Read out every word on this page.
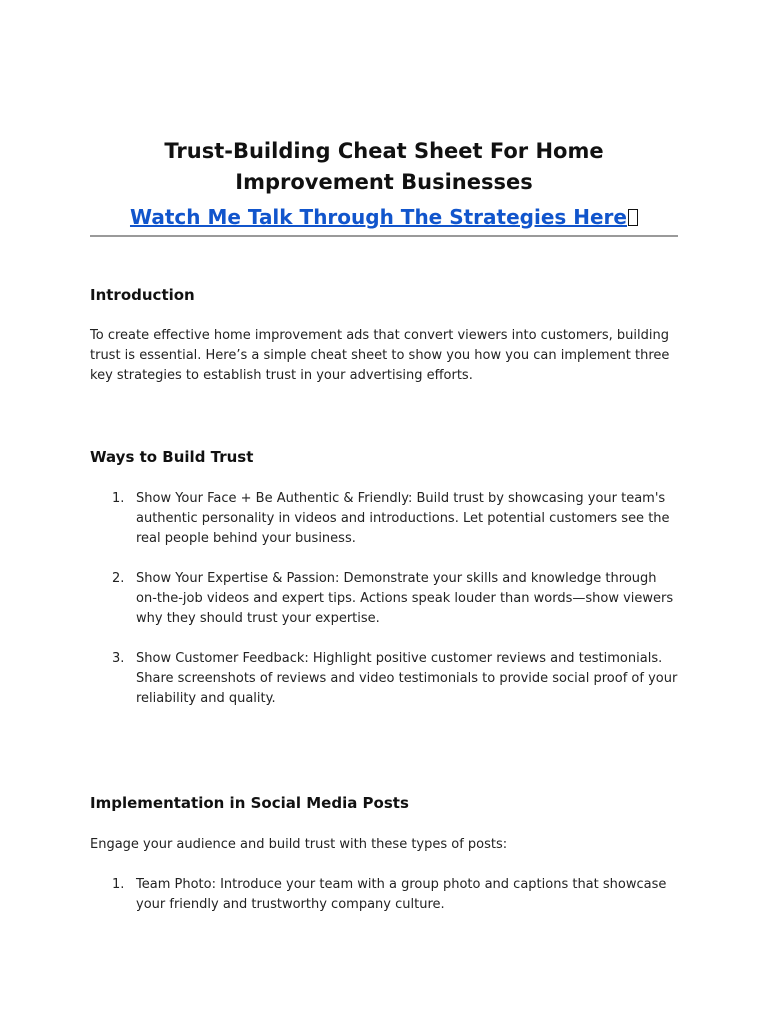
Trust-Building Cheat Sheet For Home Improvement Businesses
Watch Me Talk Through The Strategies Here
Introduction

To create effective home improvement ads that convert viewers into customers, building trust is essential. Here’s a simple cheat sheet to show you how you can implement three key strategies to establish trust in your advertising efforts.

Ways to Build Trust
1. Show Your Face + Be Authentic & Friendly: Build trust by showcasing your team's authentic personality in videos and introductions. Let potential customers see the real people behind your business.
2. Show Your Expertise & Passion: Demonstrate your skills and knowledge through on-the-job videos and expert tips. Actions speak louder than words—show viewers why they should trust your expertise.
3. Show Customer Feedback: Highlight positive customer reviews and testimonials. Share screenshots of reviews and video testimonials to provide social proof of your reliability and quality.
Implementation in Social Media Posts

Engage your audience and build trust with these types of posts:

1. Team Photo: Introduce your team with a group photo and captions that showcase your friendly and trustworthy company culture.
